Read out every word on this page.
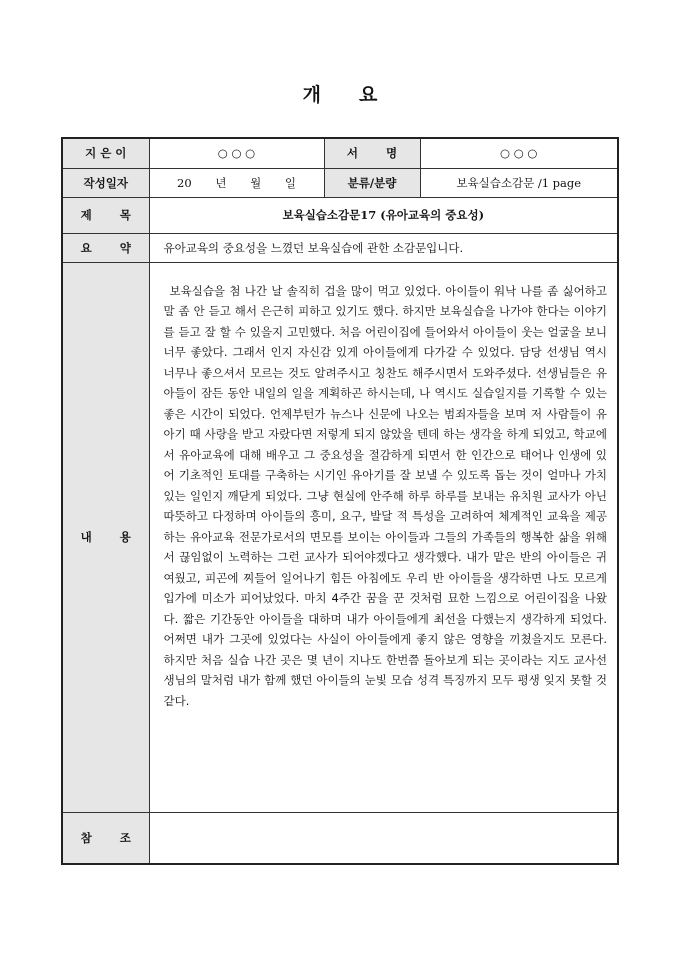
개 요
지 은 이	○ ○ ○	서 명	○ ○ ○
작성일자	20 년 월 일	분류/분량	보육실습소감문 /1 page
제 목	보육실습소감문17 (유아교육의 중요성)		
요 약	유아교육의 중요성을 느꼈던 보육실습에 관한 소감문입니다.		
내 용	보육실습을 첨 나간 날 솔직히 겁을 많이 먹고 있었다. 아이들이 워낙 나를 좀 싫어하고 말 좀 안 듣고 해서 은근히 피하고 있기도 했다. 하지만 보육실습을 나가야 한다는 이야기를 듣고 잘 할 수 있을지 고민했다. 처음 어린이집에 들어와서 아이들이 웃는 얼굴을 보니 너무 좋았다. 그래서 인지 자신감 있게 아이들에게 다가갈 수 있었다. 담당 선생님 역시 너무나 좋으셔서 모르는 것도 알려주시고 칭찬도 해주시면서 도와주셨다. 선생님들은 유아들이 잠든 동안 내일의 일을 계획하곤 하시는데, 나 역시도 실습일지를 기록할 수 있는 좋은 시간이 되었다. 언제부턴가 뉴스나 신문에 나오는 범죄자들을 보며 저 사람들이 유아기 때 사랑을 받고 자랐다면 저렇게 되지 않았을 텐데 하는 생각을 하게 되었고, 학교에서 유아교육에 대해 배우고 그 중요성을 절감하게 되면서 한 인간으로 태어나 인생에 있어 기초적인 토대를 구축하는 시기인 유아기를 잘 보낼 수 있도록 돕는 것이 얼마나 가치 있는 일인지 깨닫게 되었다. 그냥 현실에 안주해 하루 하루를 보내는 유치원 교사가 아닌 따뜻하고 다정하며 아이들의 흥미, 요구, 발달 적 특성을 고려하여 체계적인 교육을 제공하는 유아교육 전문가로서의 면모를 보이는 아이들과 그들의 가족들의 행복한 삶을 위해서 끊임없이 노력하는 그런 교사가 되어야겠다고 생각했다. 내가 맡은 반의 아이들은 귀여웠고, 피곤에 찌들어 일어나기 힘든 아침에도 우리 반 아이들을 생각하면 나도 모르게 입가에 미소가 피어났었다. 마치 4주간 꿈을 꾼 것처럼 묘한 느낌으로 어린이집을 나왔다. 짧은 기간동안 아이들을 대하며 내가 아이들에게 최선을 다했는지 생각하게 되었다. 어쩌면 내가 그곳에 있었다는 사실이 아이들에게 좋지 않은 영향을 끼쳤을지도 모른다. 하지만 처음 실습 나간 곳은 몇 년이 지나도 한번쯤 돌아보게 되는 곳이라는 지도 교사선생님의 말처럼 내가 함께 했던 아이들의 눈빛 모습 성격 특징까지 모두 평생 잊지 못할 것 같다.		

참 조			
